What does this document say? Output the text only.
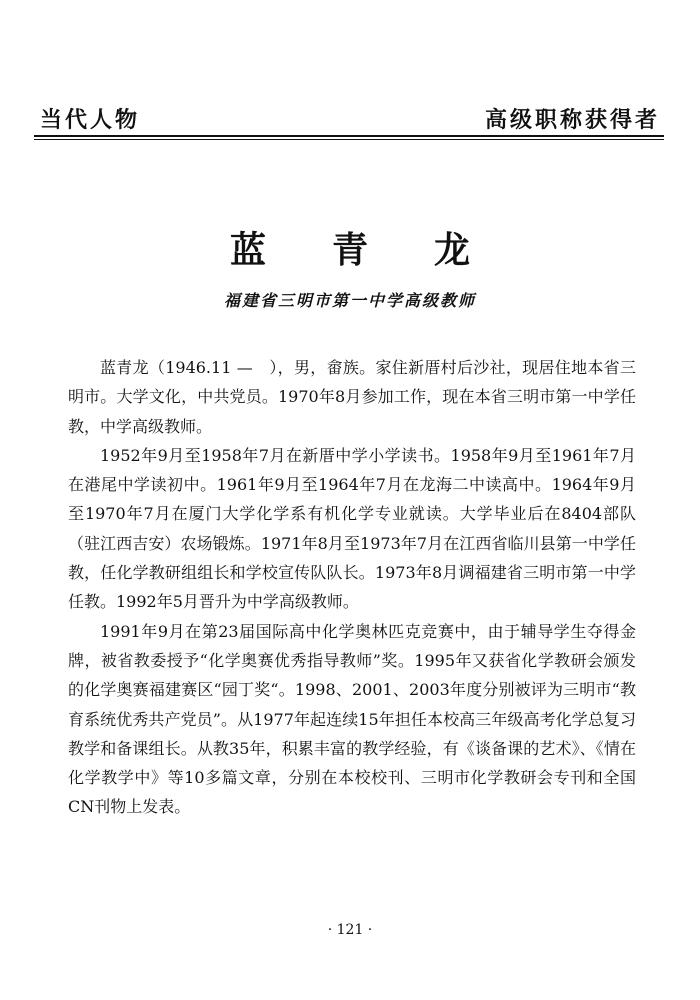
当代人物	高级职称获得者
蓝青龙
福建省三明市第一中学高级教师

蓝青龙（1946.11 —　），男，畲族。家住新厝村后沙社，现居住地本省三明市。大学文化，中共党员。1970年8月参加工作，现在本省三明市第一中学任教，中学高级教师。

1952年9月至1958年7月在新厝中学小学读书。1958年9月至1961年7月在港尾中学读初中。1961年9月至1964年7月在龙海二中读高中。1964年9月至1970年7月在厦门大学化学系有机化学专业就读。大学毕业后在8404部队（驻江西吉安）农场锻炼。1971年8月至1973年7月在江西省临川县第一中学任教，任化学教研组组长和学校宣传队队长。1973年8月调福建省三明市第一中学任教。1992年5月晋升为中学高级教师。

1991年9月在第23届国际高中化学奥林匹克竞赛中，由于辅导学生夺得金牌，被省教委授予“化学奥赛优秀指导教师”奖。1995年又获省化学教研会颁发的化学奥赛福建赛区“园丁奖“。1998、2001、2003年度分别被评为三明市“教育系统优秀共产党员”。从1977年起连续15年担任本校高三年级高考化学总复习教学和备课组长。从教35年，积累丰富的教学经验，有《谈备课的艺术》、《情在化学教学中》等10多篇文章，分别在本校校刊、三明市化学教研会专刊和全国CN刊物上发表。

· 121 ·
